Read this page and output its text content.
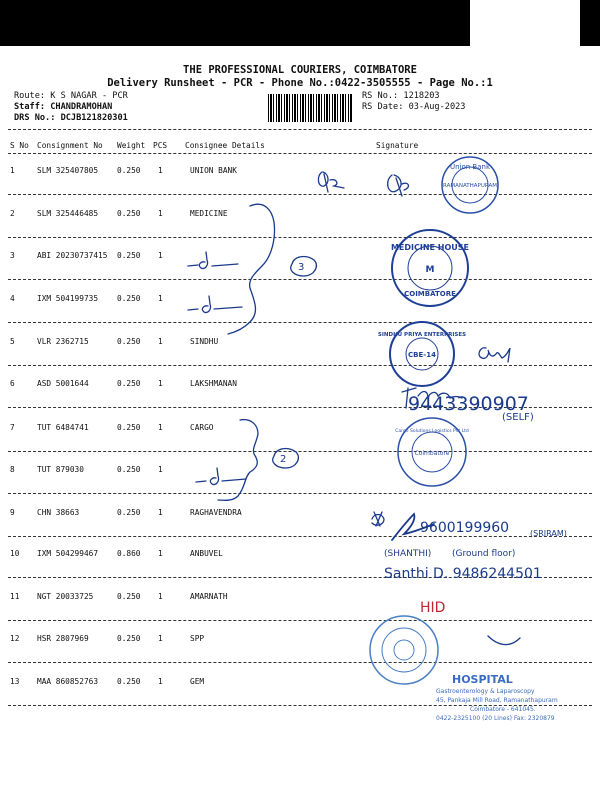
THE PROFESSIONAL COURIERS, COIMBATORE
Delivery Runsheet - PCR - Phone No.:0422-3505555 - Page No.:1
Route: K S NAGAR - PCR
Staff: CHANDRAMOHAN
DRS No.: DCJB121820301
RS No.: 1218203
RS Date: 03-Aug-2023
S No Consignment No Weight PCS Consignee Details	Signature
1	SLM 325407805 0.250 1	UNION BANK
2	SLM 325446485 0.250 1	MEDICINE
3	ABI 20230737415 0.250 1
4	IXM 504199735 0.250 1
5	VLR 2362715	0.250 1	SINDHU
6	ASD 5001644	0.250 1	LAKSHMANAN
7	TUT 6484741	0.250 1	CARGO
8	TUT 879030	0.250 1
9	CHN 38663	0.250 1	RAGHAVENDRA
10 IXM 504299467 0.860 1	ANBUVEL
11 NGT 20033725	0.250 1	AMARNATH
12 HSR 2807969	0.250 1	SPP
13 MAA 860852763 0.250 1	GEM
9443390907
(SELF)
9600199960	(SRIRAM)
(SHANTHI) (Ground floor)
Santhi D. 9486244501
HID
3
2
Union Bank
RAMANATHAPURAM
MEDICINE HOUSE
M
COIMBATORE
SINDHU PRIYA ENTERPRISES
CBE-14
Cargo Solutions Logistics Pvt Ltd
Coimbatore
HOSPITAL
Gastroenterology & Laparoscopy
45, Pankaja Mill Road, Ramanathapuram
Coimbatore - 641045.
0422-2325100 (20 Lines) Fax: 2320879
